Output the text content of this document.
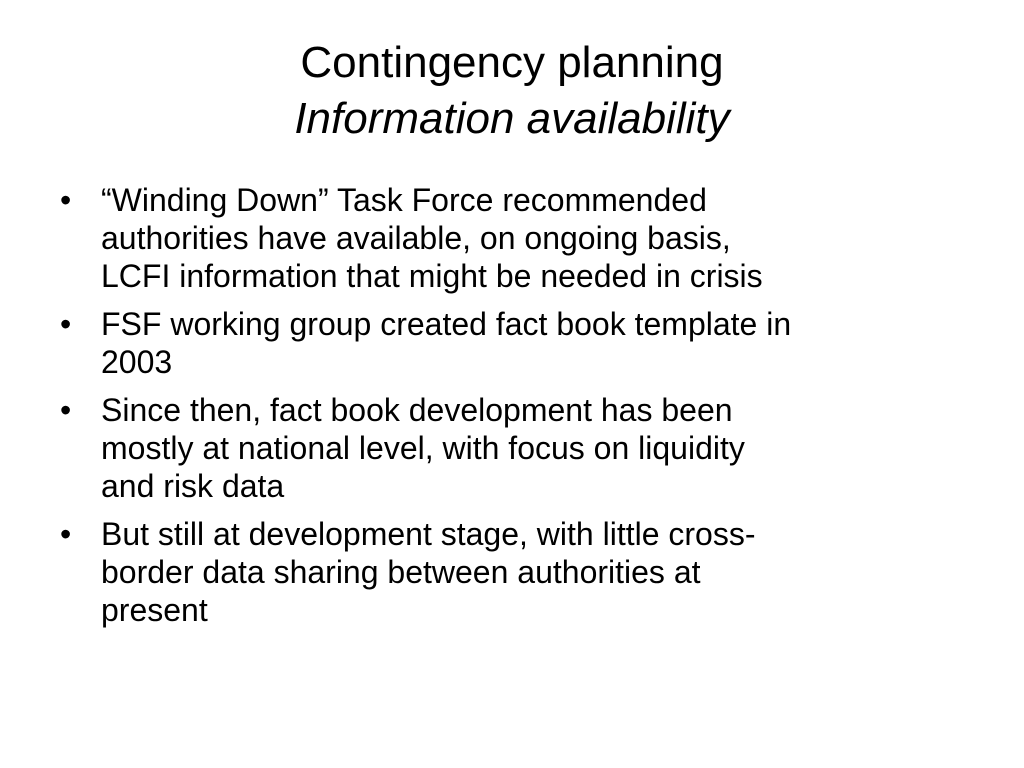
Contingency planning
Information availability
• “Winding Down” Task Force recommended
authorities have available, on ongoing basis,
LCFI information that might be needed in crisis
• FSF working group created fact book template in
2003
• Since then, fact book development has been
mostly at national level, with focus on liquidity
and risk data
• But still at development stage, with little cross-
border data sharing between authorities at
present
